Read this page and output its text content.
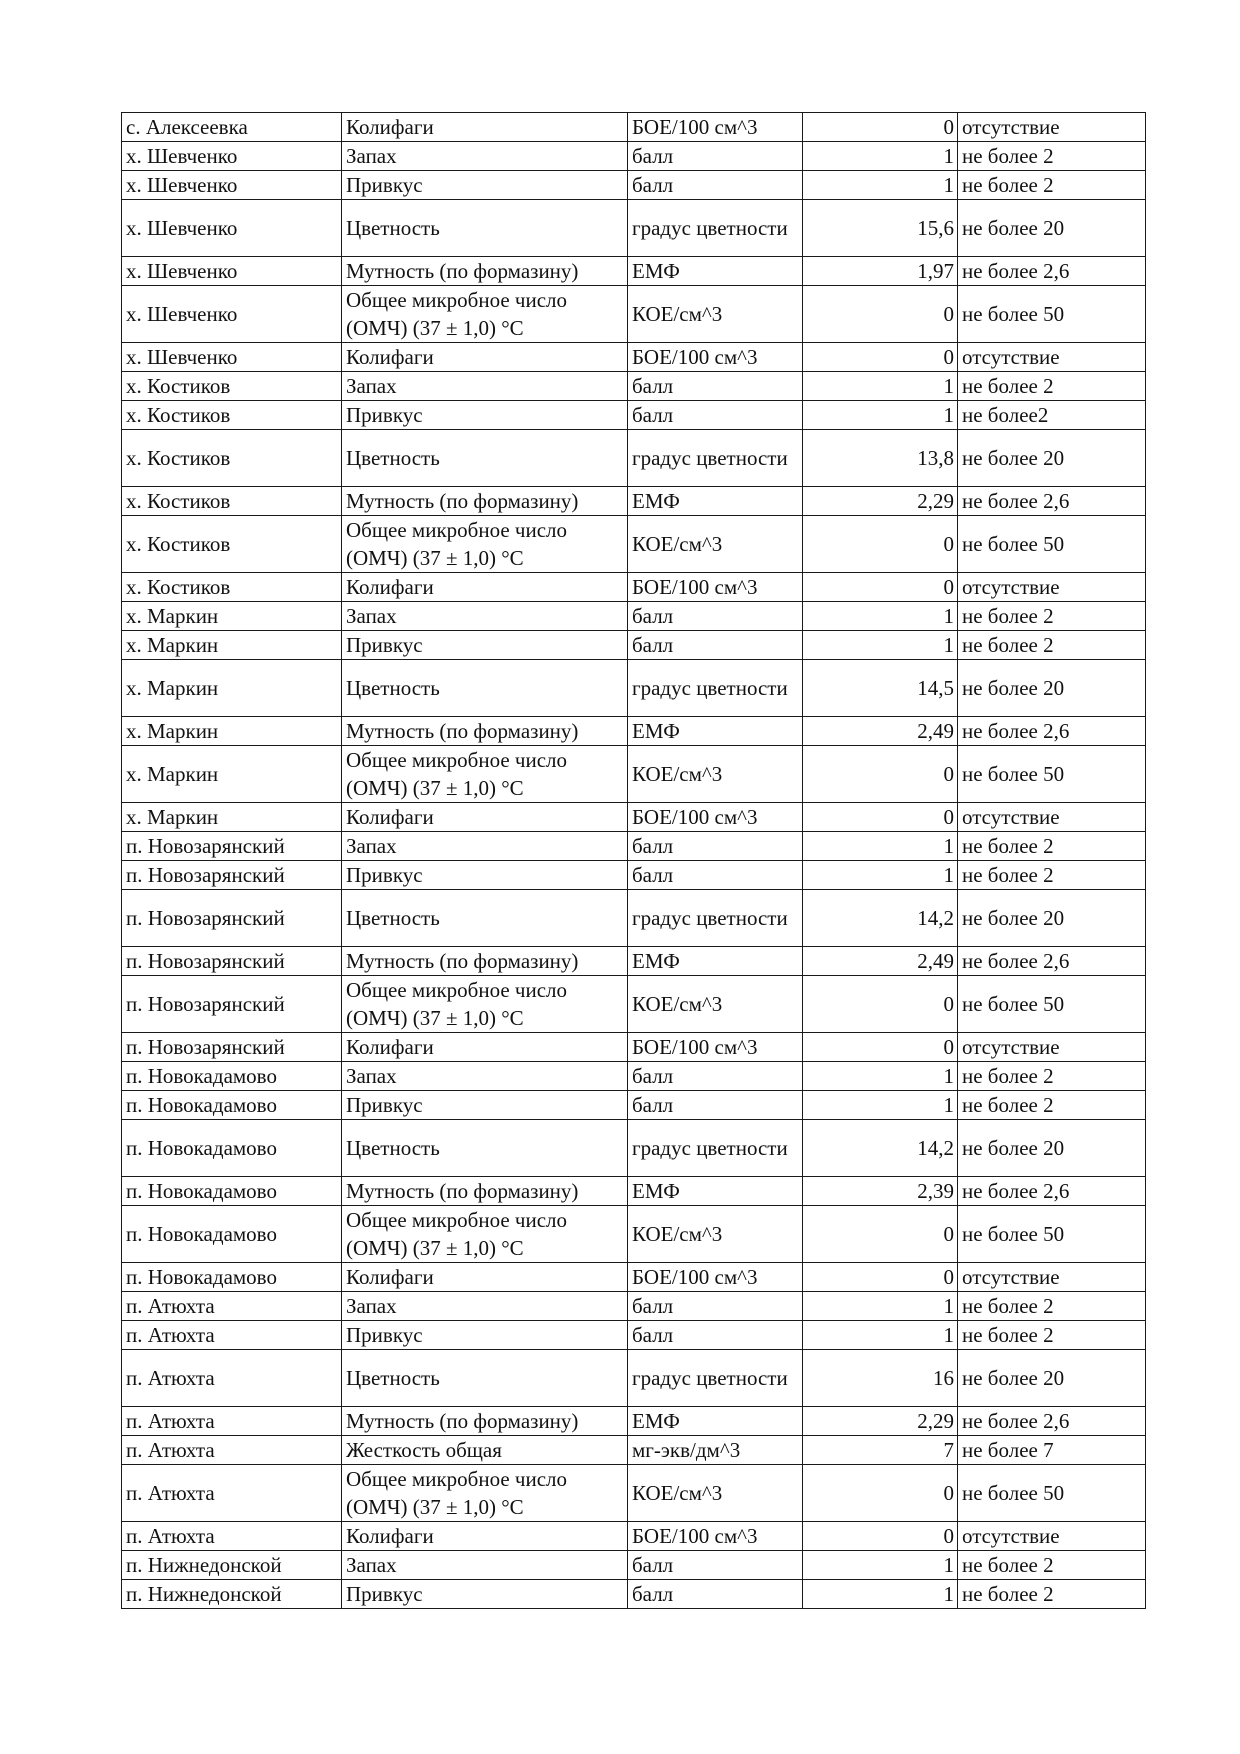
с. Алексеевка	Колифаги	БОЕ/100 см^3	0	отсутствие
х. Шевченко	Запах	балл	1	не более 2
х. Шевченко	Привкус	балл	1	не более 2
х. Шевченко	Цветность	градус цветности	15,6	не более 20
х. Шевченко	Мутность (по формазину)	ЕМФ	1,97	не более 2,6
х. Шевченко	Общее микробное число (ОМЧ) (37 ± 1,0) °С	КОЕ/см^3	0	не более 50
х. Шевченко	Колифаги	БОЕ/100 см^3	0	отсутствие
х. Костиков	Запах	балл	1	не более 2
х. Костиков	Привкус	балл	1	не более2
х. Костиков	Цветность	градус цветности	13,8	не более 20
х. Костиков	Мутность (по формазину)	ЕМФ	2,29	не более 2,6
х. Костиков	Общее микробное число (ОМЧ) (37 ± 1,0) °С	КОЕ/см^3	0	не более 50
х. Костиков	Колифаги	БОЕ/100 см^3	0	отсутствие
х. Маркин	Запах	балл	1	не более 2
х. Маркин	Привкус	балл	1	не более 2
х. Маркин	Цветность	градус цветности	14,5	не более 20
х. Маркин	Мутность (по формазину)	ЕМФ	2,49	не более 2,6
х. Маркин	Общее микробное число (ОМЧ) (37 ± 1,0) °С	КОЕ/см^3	0	не более 50
х. Маркин	Колифаги	БОЕ/100 см^3	0	отсутствие
п. Новозарянский	Запах	балл	1	не более 2
п. Новозарянский	Привкус	балл	1	не более 2
п. Новозарянский	Цветность	градус цветности	14,2	не более 20
п. Новозарянский	Мутность (по формазину)	ЕМФ	2,49	не более 2,6
п. Новозарянский	Общее микробное число (ОМЧ) (37 ± 1,0) °С	КОЕ/см^3	0	не более 50
п. Новозарянский	Колифаги	БОЕ/100 см^3	0	отсутствие
п. Новокадамово	Запах	балл	1	не более 2
п. Новокадамово	Привкус	балл	1	не более 2
п. Новокадамово	Цветность	градус цветности	14,2	не более 20
п. Новокадамово	Мутность (по формазину)	ЕМФ	2,39	не более 2,6
п. Новокадамово	Общее микробное число (ОМЧ) (37 ± 1,0) °С	КОЕ/см^3	0	не более 50
п. Новокадамово	Колифаги	БОЕ/100 см^3	0	отсутствие
п. Атюхта	Запах	балл	1	не более 2
п. Атюхта	Привкус	балл	1	не более 2
п. Атюхта	Цветность	градус цветности	16	не более 20
п. Атюхта	Мутность (по формазину)	ЕМФ	2,29	не более 2,6
п. Атюхта	Жесткость общая	мг-экв/дм^3	7	не более 7
п. Атюхта	Общее микробное число (ОМЧ) (37 ± 1,0) °С	КОЕ/см^3	0	не более 50
п. Атюхта	Колифаги	БОЕ/100 см^3	0	отсутствие
п. Нижнедонской	Запах	балл	1	не более 2
п. Нижнедонской	Привкус	балл	1	не более 2
